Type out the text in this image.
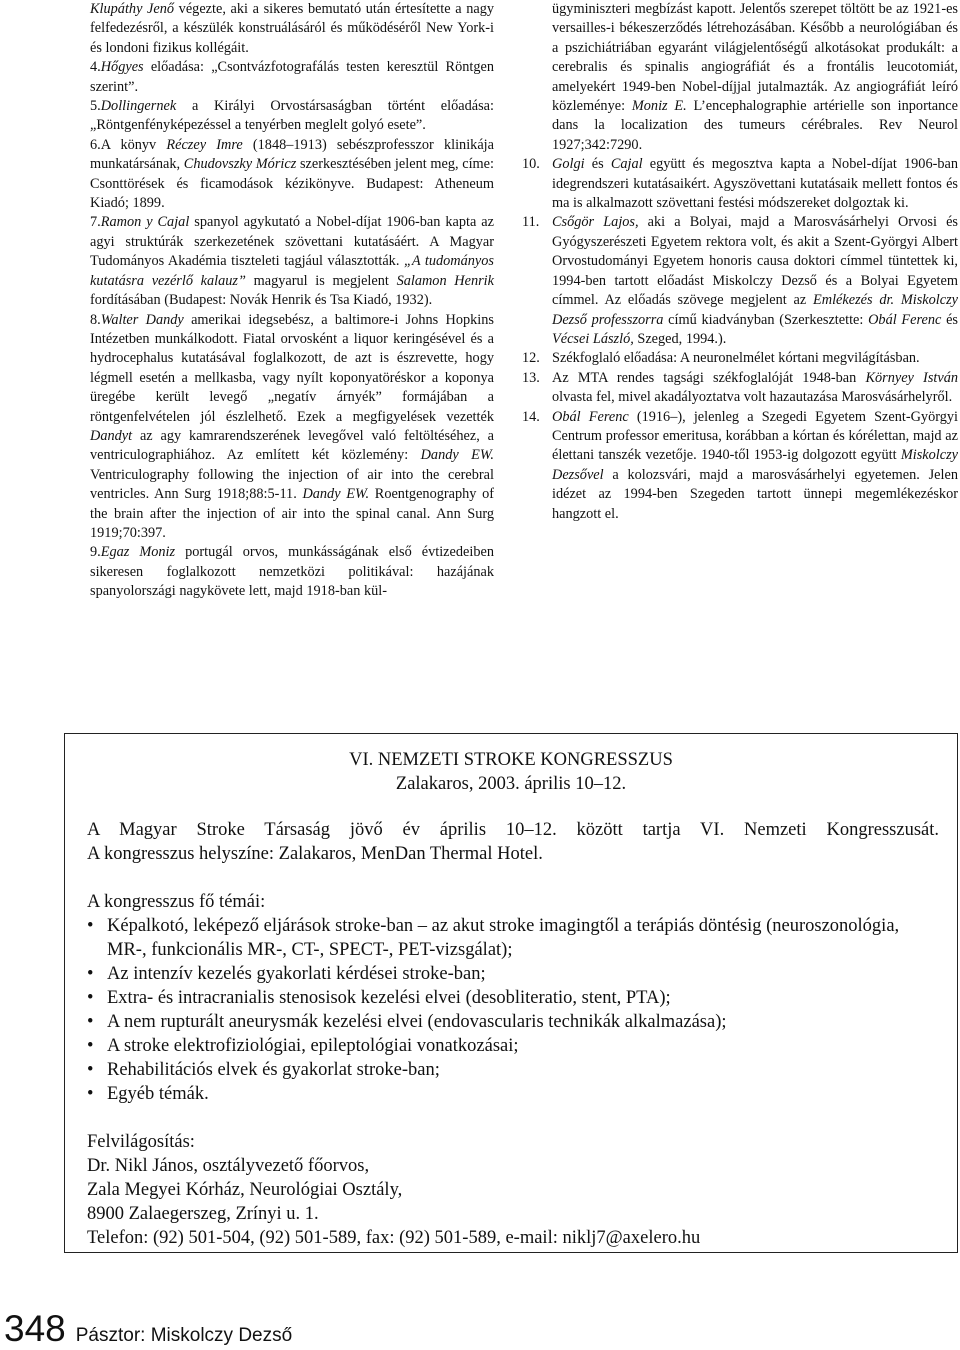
Klupáthy Jenő végezte, aki a sikeres bemutató után értesítette a nagy felfedezésről, a készülék konstruálásáról és működéséről New York-i és londoni fizikus kollégáit.

4.Hőgyes előadása: „Csontvázfotografálás testen keresztül Röntgen szerint”.

5.Dollingernek a Királyi Orvostársaságban történt előadása: „Röntgenfényképezéssel a tenyérben meglelt golyó esete”.

6.A könyv Réczey Imre (1848–1913) sebészprofesszor klinikája munkatársának, Chudovszky Móricz szerkesztésében jelent meg, címe: Csonttörések és ficamodások kézikönyve. Budapest: Atheneum Kiadó; 1899.

7.Ramon y Cajal spanyol agykutató a Nobel-díjat 1906-ban kapta az agyi struktúrák szerkezetének szövettani kutatásáért. A Magyar Tudományos Akadémia tiszteleti tagjául választották. „A tudományos kutatásra vezérlő kalauz” magyarul is megjelent Salamon Henrik fordításában (Budapest: Novák Henrik és Tsa Kiadó, 1932).

8.Walter Dandy amerikai idegsebész, a baltimore-i Johns Hopkins Intézetben munkálkodott. Fiatal orvosként a liquor keringésével és a hydrocephalus kutatásával foglalkozott, de azt is észrevette, hogy légmell esetén a mellkasba, vagy nyílt koponyatöréskor a koponya üregébe került levegő „negatív árnyék” formájában a röntgenfelvételen jól észlelhető. Ezek a megfigyelések vezették Dandyt az agy kamrarendszerének levegővel való feltöltéséhez, a ventriculographiához. Az említett két közlemény: Dandy EW. Ventriculography following the injection of air into the cerebral ventricles. Ann Surg 1918;88:5-11. Dandy EW. Roentgenography of the brain after the injection of air into the spinal canal. Ann Surg 1919;70:397.

9.Egaz Moniz portugál orvos, munkásságának első évtizedeiben sikeresen foglalkozott nemzetközi politikával: hazájának spanyolországi nagykövete lett, majd 1918-ban kül-

ügyminiszteri megbízást kapott. Jelentős szerepet töltött be az 1921-es versailles-i békeszerződés létrehozásában. Később a neurológiában és a pszichiátriában egyaránt világjelentőségű alkotásokat produkált: a cerebralis és spinalis angiográfiát és a frontális leucotomiát, amelyekért 1949-ben Nobel-díjjal jutalmazták. Az angiográfiát leíró közleménye: Moniz E. L’encephalographie artérielle son inportance dans la localization des tumeurs cérébrales. Rev Neurol 1927;342:7290.

10. Golgi és Cajal együtt és megosztva kapta a Nobel-díjat 1906-ban idegrendszeri kutatásaikért. Agyszövettani kutatásaik mellett fontos és ma is alkalmazott szövettani festési módszereket dolgoztak ki.

11. Csőgör Lajos, aki a Bolyai, majd a Marosvásárhelyi Orvosi és Gyógyszerészeti Egyetem rektora volt, és akit a Szent-Györgyi Albert Orvostudományi Egyetem honoris causa doktori címmel tüntettek ki, 1994-ben tartott előadást Miskolczy Dezső és a Bolyai Egyetem címmel. Az előadás szövege megjelent az Emlékezés dr. Miskolczy Dezső professzorra című kiadványban (Szerkesztette: Obál Ferenc és Vécsei László, Szeged, 1994.).

12. Székfoglaló előadása: A neuronelmélet kórtani megvilágításban.

13. Az MTA rendes tagsági székfoglalóját 1948-ban Környey István olvasta fel, mivel akadályoztatva volt hazautazása Marosvásárhelyről.

14. Obál Ferenc (1916–), jelenleg a Szegedi Egyetem Szent-Györgyi Centrum professor emeritusa, korábban a kórtan és kórélettan, majd az élettani tanszék vezetője. 1940-től 1953-ig dolgozott együtt Miskolczy Dezsővel a kolozsvári, majd a marosvásárhelyi egyetemen. Jelen idézet az 1994-ben Szegeden tartott ünnepi megemlékezéskor hangzott el.

VI. NEMZETI STROKE KONGRESSZUS
Zalakaros, 2003. április 10–12.

A Magyar Stroke Társaság jövő év április 10–12. között tartja VI. Nemzeti Kongresszusát.

A kongresszus helyszíne: Zalakaros, MenDan Thermal Hotel.

A kongresszus fő témái:

• Képalkotó, leképező eljárások stroke-ban – az akut stroke imagingtől a terápiás döntésig (neuroszonológia, MR-, funkcionális MR-, CT-, SPECT-, PET-vizsgálat);
• Az intenzív kezelés gyakorlati kérdései stroke-ban;
• Extra- és intracranialis stenosisok kezelési elvei (desobliteratio, stent, PTA);
• A nem rupturált aneurysmák kezelési elvei (endovascularis technikák alkalmazása);
• A stroke elektrofiziológiai, epileptológiai vonatkozásai;
• Rehabilitációs elvek és gyakorlat stroke-ban;
• Egyéb témák.

Felvilágosítás:

Dr. Nikl János, osztályvezető főorvos,

Zala Megyei Kórház, Neurológiai Osztály,

8900 Zalaegerszeg, Zrínyi u. 1.

Telefon: (92) 501-504, (92) 501-589, fax: (92) 501-589, e-mail: niklj7@axelero.hu

348 Pásztor: Miskolczy Dezső
